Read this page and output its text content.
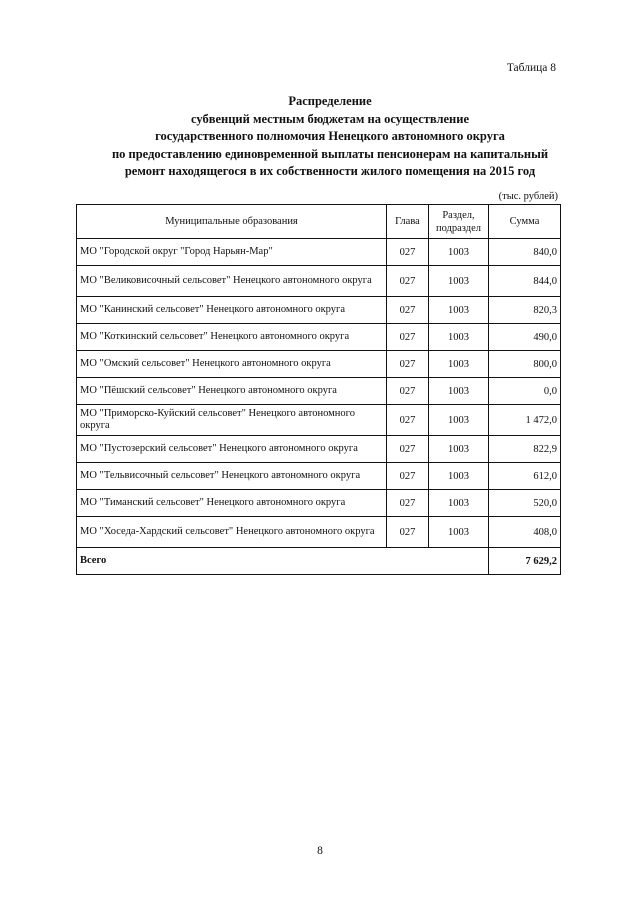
Таблица 8
Распределение
субвенций местным бюджетам на осуществление
государственного полномочия Ненецкого автономного округа
по предоставлению единовременной выплаты пенсионерам на капитальный
ремонт находящегося в их собственности жилого помещения на 2015 год
(тыс. рублей)
Муниципальные образования	Глава	Раздел, подраздел	Сумма
МО "Городской округ "Город Нарьян-Мар"	027	1003	840,0
МО "Великовисочный сельсовет" Ненецкого автономного округа	027	1003	844,0
МО "Канинский сельсовет" Ненецкого автономного округа	027	1003	820,3
МО "Коткинский сельсовет" Ненецкого автономного округа	027	1003	490,0
МО "Омский сельсовет" Ненецкого автономного округа	027	1003	800,0
МО "Пёшский сельсовет" Ненецкого автономного округа	027	1003	0,0
МО "Приморско-Куйский сельсовет" Ненецкого автономного округа	027	1003	1 472,0
МО "Пустозерский сельсовет" Ненецкого автономного округа	027	1003	822,9
МО "Тельвисочный сельсовет" Ненецкого автономного округа	027	1003	612,0
МО "Тиманский сельсовет" Ненецкого автономного округа	027	1003	520,0
МО "Хоседа-Хардский сельсовет" Ненецкого автономного округа	027	1003	408,0
Всего			7 629,2
8
